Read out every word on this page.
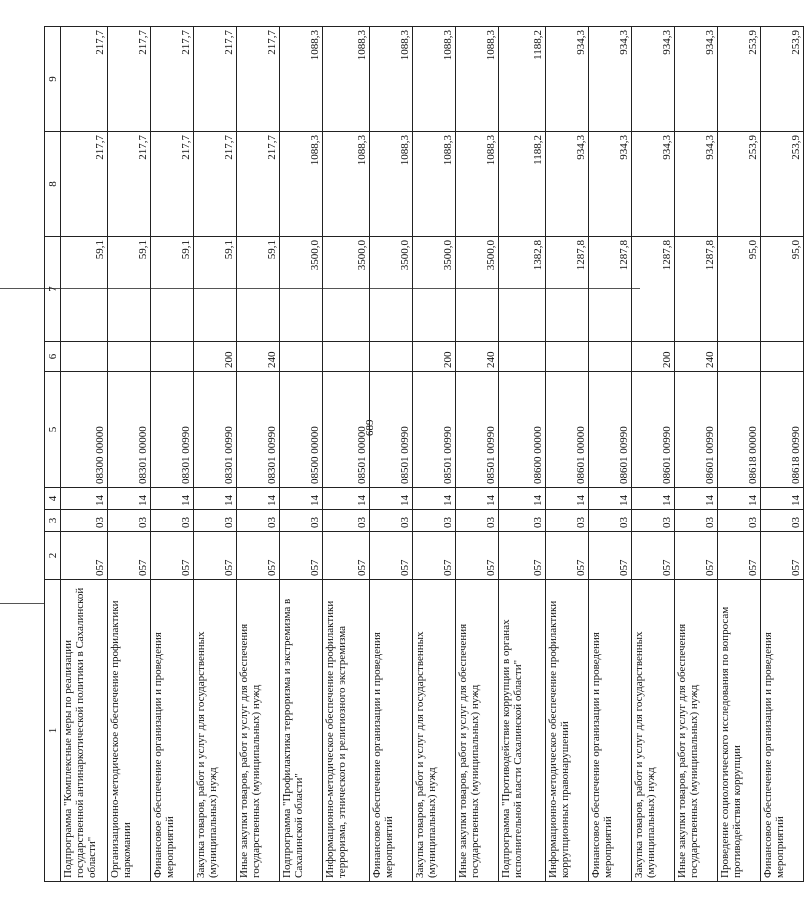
689
1	2	3	4	5	6	7	8	9
Подпрограмма "Комплексные меры по реализации государственной антинаркотической политики в Сахалинской области"	057	03	14	08300 00000		59,1	217,7	217,7
Организационно-методическое обеспечение профилактики наркомании	057	03	14	08301 00000		59,1	217,7	217,7
Финансовое обеспечение организации и проведения мероприятий	057	03	14	08301 00990		59,1	217,7	217,7
Закупка товаров, работ и услуг для государственных (муниципальных) нужд	057	03	14	08301 00990	200	59,1	217,7	217,7
Иные закупки товаров, работ и услуг для обеспечения государственных (муниципальных) нужд	057	03	14	08301 00990	240	59,1	217,7	217,7
Подпрограмма "Профилактика терроризма и экстремизма в Сахалинской области"	057	03	14	08500 00000		3500,0	1088,3	1088,3
Информационно-методическое обеспечение профилактики терроризма, этнического и религиозного экстремизма	057	03	14	08501 00000		3500,0	1088,3	1088,3
Финансовое обеспечение организации и проведения мероприятий	057	03	14	08501 00990		3500,0	1088,3	1088,3
Закупка товаров, работ и услуг для государственных (муниципальных) нужд	057	03	14	08501 00990	200	3500,0	1088,3	1088,3
Иные закупки товаров, работ и услуг для обеспечения государственных (муниципальных) нужд	057	03	14	08501 00990	240	3500,0	1088,3	1088,3
Подпрограмма "Противодействие коррупции в органах исполнительной власти Сахалинской области"	057	03	14	08600 00000		1382,8	1188,2	1188,2
Информационно-методическое обеспечение профилактики коррупционных правонарушений	057	03	14	08601 00000		1287,8	934,3	934,3
Финансовое обеспечение организации и проведения мероприятий	057	03	14	08601 00990		1287,8	934,3	934,3
Закупка товаров, работ и услуг для государственных (муниципальных) нужд	057	03	14	08601 00990	200	1287,8	934,3	934,3
Иные закупки товаров, работ и услуг для обеспечения государственных (муниципальных) нужд	057	03	14	08601 00990	240	1287,8	934,3	934,3
Проведение социологического исследования по вопросам противодействия коррупции	057	03	14	08618 00000		95,0	253,9	253,9
Финансовое обеспечение организации и проведения мероприятий	057	03	14	08618 00990		95,0	253,9	253,9
